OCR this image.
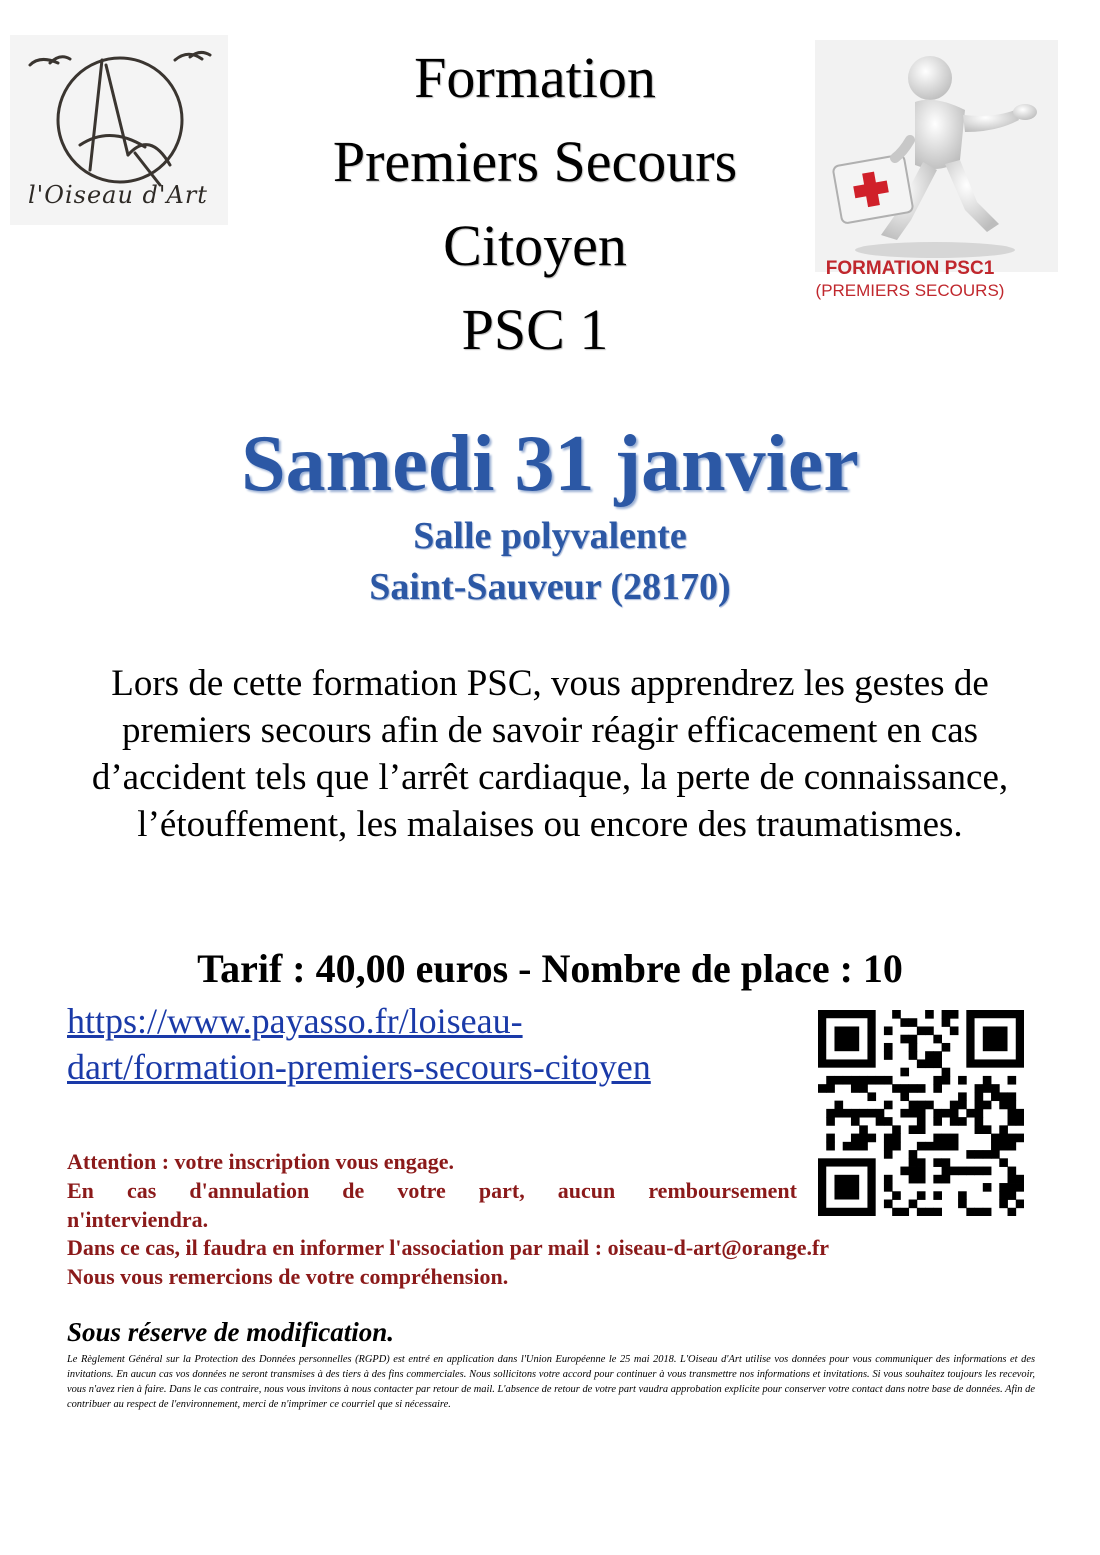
l'Oiseau d'Art
Formation
Premiers Secours
Citoyen
PSC 1
FORMATION PSC1
(PREMIERS SECOURS)
Samedi 31 janvier
Salle polyvalente
Saint-Sauveur (28170)
Lors de cette formation PSC, vous apprendrez les gestes de premiers secours afin de savoir réagir efficacement en cas d’accident tels que l’arrêt cardiaque, la perte de connaissance, l’étouffement, les malaises ou encore des traumatismes.
Tarif : 40,00 euros - Nombre de place : 10
https://www.payasso.fr/loiseau-
dart/formation-premiers-secours-citoyen
Attention : votre inscription vous engage.
En cas d'annulation de votre part, aucun remboursement
n'interviendra.
Dans ce cas, il faudra en informer l'association par mail : oiseau-d-art@orange.fr
Nous vous remercions de votre compréhension.
Sous réserve de modification.
Le Règlement Général sur la Protection des Données personnelles (RGPD) est entré en application dans l'Union Européenne le 25 mai 2018. L'Oiseau d'Art utilise vos données pour vous communiquer des informations et des invitations. En aucun cas vos données ne seront transmises à des tiers à des fins commerciales. Nous sollicitons votre accord pour continuer à vous transmettre nos informations et invitations. Si vous souhaitez toujours les recevoir, vous n'avez rien à faire. Dans le cas contraire, nous vous invitons à nous contacter par retour de mail. L'absence de retour de votre part vaudra approbation explicite pour conserver votre contact dans notre base de données. Afin de contribuer au respect de l'environnement, merci de n'imprimer ce courriel que si nécessaire.
